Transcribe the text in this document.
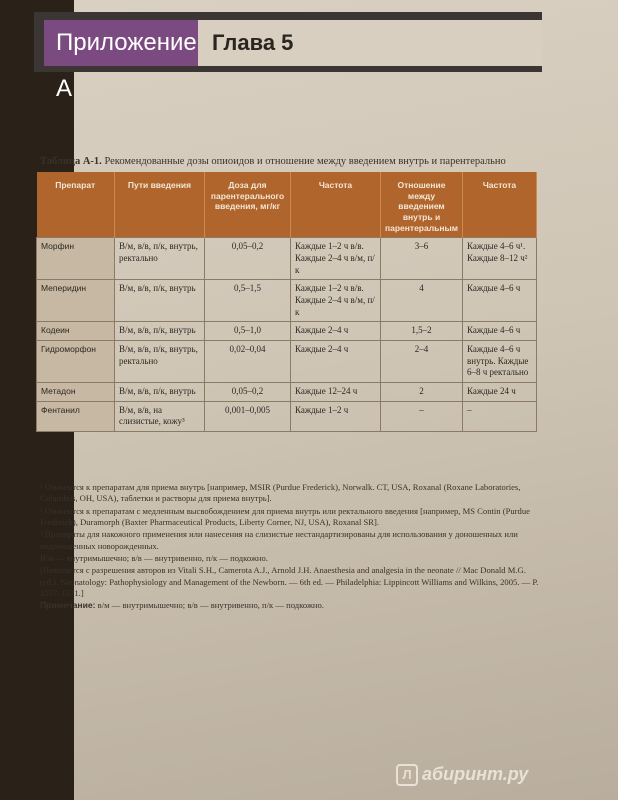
Приложение А
Глава 5
Таблица А-1. Рекомендованные дозы опиоидов и отношение между введением внутрь и парентерально
Препарат	Пути введения	Доза для парентерального введения, мг/кг	Частота	Отношение между введением внутрь и парентеральным	Частота
Морфин	В/м, в/в, п/к, внутрь, ректально	0,05–0,2	Каждые 1–2 ч в/в. Каждые 2–4 ч в/м, п/к	3–6	Каждые 4–6 ч¹. Каждые 8–12 ч²
Меперидин	В/м, в/в, п/к, внутрь	0,5–1,5	Каждые 1–2 ч в/в. Каждые 2–4 ч в/м, п/к	4	Каждые 4–6 ч
Кодеин	В/м, в/в, п/к, внутрь	0,5–1,0	Каждые 2–4 ч	1,5–2	Каждые 4–6 ч
Гидроморфон	В/м, в/в, п/к, внутрь, ректально	0,02–0,04	Каждые 2–4 ч	2–4	Каждые 4–6 ч внутрь. Каждые 6–8 ч ректально
Метадон	В/м, в/в, п/к, внутрь	0,05–0,2	Каждые 12–24 ч	2	Каждые 24 ч
Фентанил	В/м, в/в, на слизистые, кожу³	0,001–0,005	Каждые 1–2 ч	–	–

¹ Относится к препаратам для приема внутрь [например, MSIR (Purdue Frederick), Norwalk. CT, USA, Roxanal (Roxane Laboratories, Columbus, OH, USA), таблетки и растворы для приема внутрь].

² Относится к препаратам с медленным высвобождением для приема внутрь или ректального введения [например, MS Contin (Purdue Frederick), Duramorph (Baxter Pharmaceutical Products, Liberty Corner, NJ, USA), Roxanal SR].

³ Препараты для накожного применения или нанесения на слизистые нестандартизированы для использования у доношенных или недоношенных новорожденных.

В/м — внутримышечно; в/в — внутривенно, п/к — подкожно.

[Печатается с разрешения авторов из Vitali S.H., Camerota A.J., Arnold J.H. Anaesthesia and analgesia in the neonate // Mac Donald M.G. (ed.). Neonatology: Pathophysiology and Management of the Newborn. — 6th ed. — Philadelphia: Lippincott Williams and Wilkins, 2005. — P. 1557–1571.]

Примечание: в/м — внутримышечно; в/в — внутривенно, п/к — подкожно.

Л абиринт.ру
